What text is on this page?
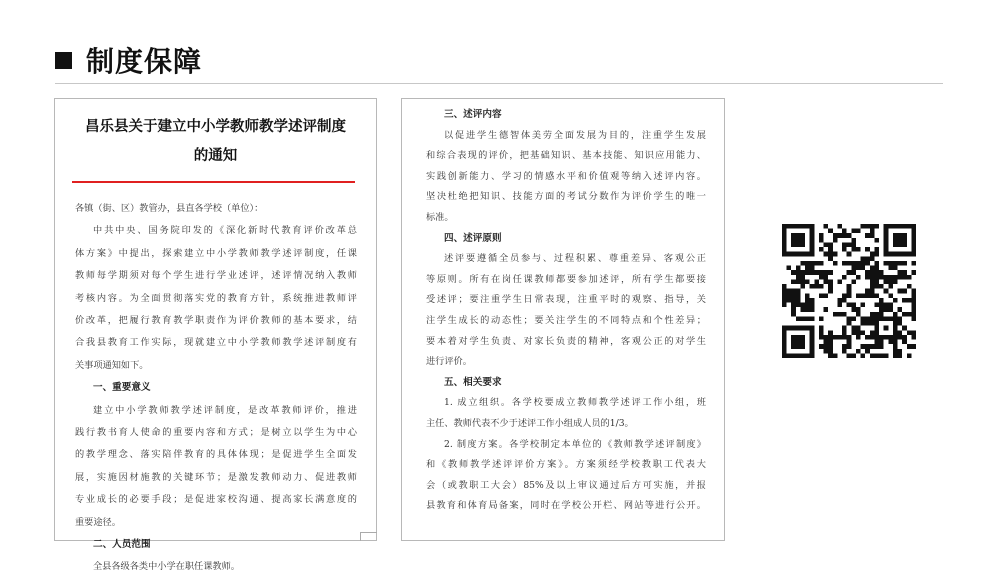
制度保障
昌乐县关于建立中小学教师教学述评制度
的通知
各镇（街、区）教管办，县直各学校（单位）：
中共中央、国务院印发的《深化新时代教育评价改革总
体方案》中提出，探索建立中小学教师教学述评制度，任课
教师每学期须对每个学生进行学业述评，述评情况纳入教师
考核内容。为全面贯彻落实党的教育方针，系统推进教师评
价改革，把履行教育教学职责作为评价教师的基本要求，结
合我县教育工作实际，现就建立中小学教师教学述评制度有
关事项通知如下。
一、重要意义
建立中小学教师教学述评制度，是改革教师评价，推进
践行教书育人使命的重要内容和方式；是树立以学生为中心
的教学理念、落实陪伴教育的具体体现；是促进学生全面发
展，实施因材施教的关键环节；是激发教师动力、促进教师
专业成长的必要手段；是促进家校沟通、提高家长满意度的
重要途径。
二、人员范围
全县各级各类中小学在职任课教师。
三、述评内容
以促进学生德智体美劳全面发展为目的，注重学生发展
和综合表现的评价，把基础知识、基本技能、知识应用能力、
实践创新能力、学习的情感水平和价值观等纳入述评内容。
坚决杜绝把知识、技能方面的考试分数作为评价学生的唯一
标准。
四、述评原则
述评要遵循全员参与、过程积累、尊重差异、客观公正
等原则。所有在岗任课教师都要参加述评，所有学生都要接
受述评；要注重学生日常表现，注重平时的观察、指导，关
注学生成长的动态性；要关注学生的不同特点和个性差异；
要本着对学生负责、对家长负责的精神，客观公正的对学生
进行评价。
五、相关要求
1. 成立组织。各学校要成立教师教学述评工作小组，班
主任、教师代表不少于述评工作小组成人员的1/3。
2. 制度方案。各学校制定本单位的《教师教学述评制度》
和《教师教学述评评价方案》。方案须经学校教职工代表大
会（或教职工大会）85%及以上审议通过后方可实施，并报
县教育和体育局备案，同时在学校公开栏、网站等进行公开。
